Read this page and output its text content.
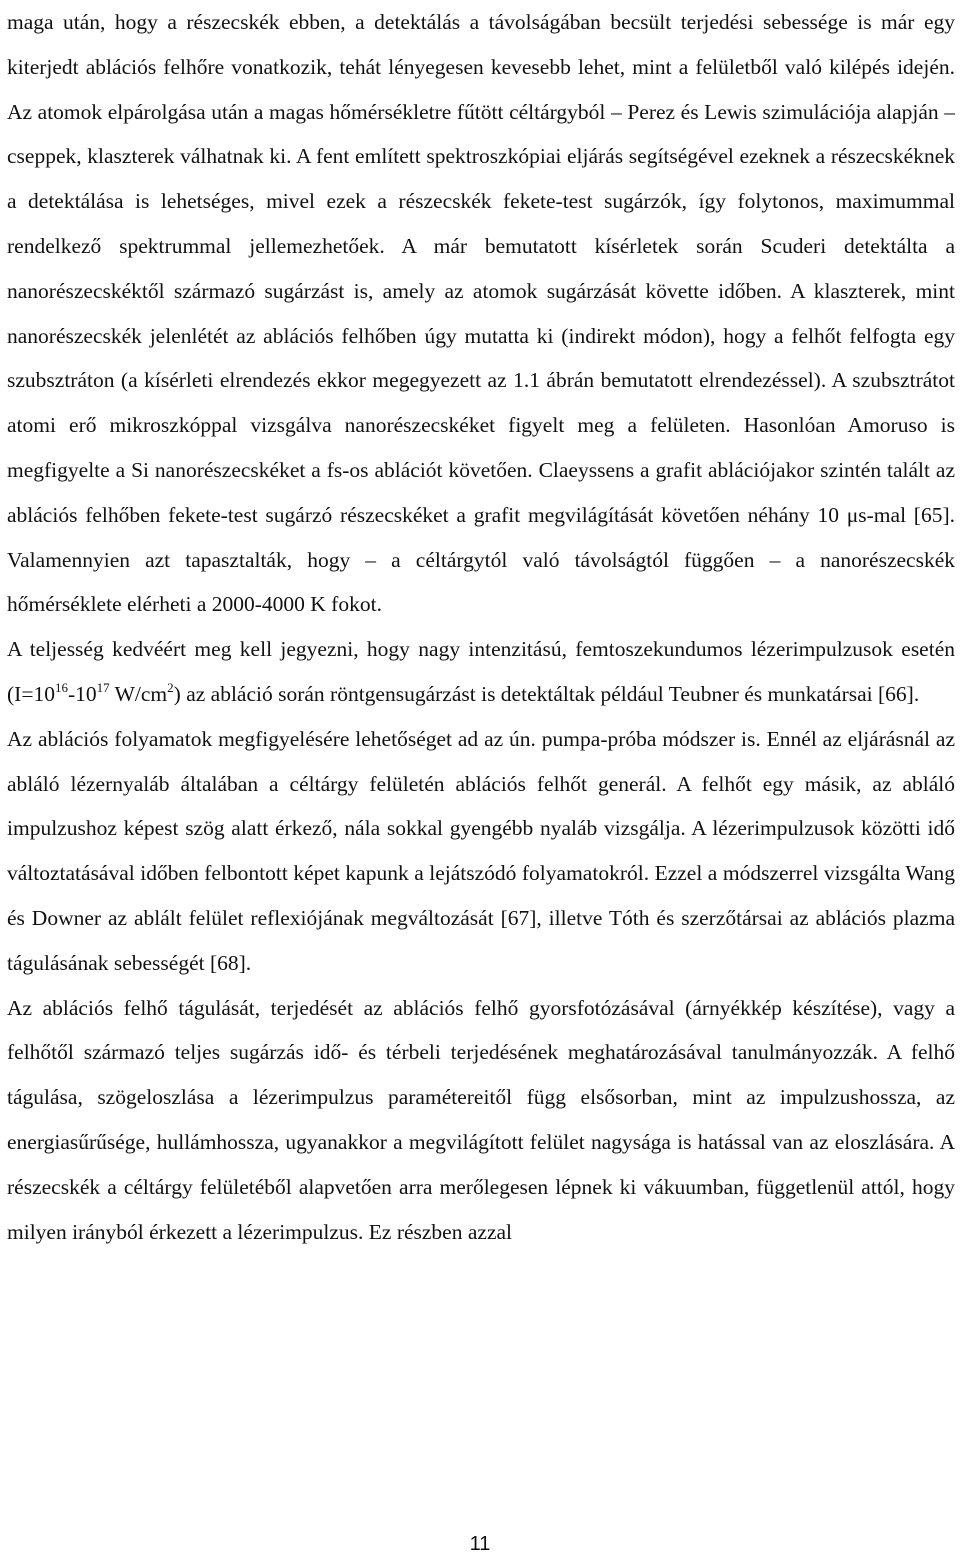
maga után, hogy a részecskék ebben, a detektálás a távolságában becsült terjedési sebessége is már egy kiterjedt ablációs felhőre vonatkozik, tehát lényegesen kevesebb lehet, mint a felületből való kilépés idején. Az atomok elpárolgása után a magas hőmérsékletre fűtött céltárgyból ‒ Perez és Lewis szimulációja alapján ‒ cseppek, klaszterek válhatnak ki. A fent említett spektroszkópiai eljárás segítségével ezeknek a részecskéknek a detektálása is lehetséges, mivel ezek a részecskék fekete-test sugárzók, így folytonos, maximummal rendelkező spektrummal jellemezhetőek. A már bemutatott kísérletek során Scuderi detektálta a nanorészecskéktől származó sugárzást is, amely az atomok sugárzását követte időben. A klaszterek, mint nanorészecskék jelenlétét az ablációs felhőben úgy mutatta ki (indirekt módon), hogy a felhőt felfogta egy szubsztráton (a kísérleti elrendezés ekkor megegyezett az 1.1 ábrán bemutatott elrendezéssel). A szubsztrátot atomi erő mikroszkóppal vizsgálva nanorészecskéket figyelt meg a felületen. Hasonlóan Amoruso is megfigyelte a Si nanorészecskéket a fs-os ablációt követően. Claeyssens a grafit ablációjakor szintén talált az ablációs felhőben fekete-test sugárzó részecskéket a grafit megvilágítását követően néhány 10 μs-mal [65]. Valamennyien azt tapasztalták, hogy ‒ a céltárgytól való távolságtól függően ‒ a nanorészecskék hőmérséklete elérheti a 2000-4000 K fokot.

A teljesség kedvéért meg kell jegyezni, hogy nagy intenzitású, femtoszekundumos lézerimpulzusok esetén ($I=10^{16}-10^{17}$ $W/cm^2$) az abláció során röntgensugárzást is detektáltak például Teubner és munkatársai [66].

Az ablációs folyamatok megfigyelésére lehetőséget ad az ún. pumpa-próba módszer is. Ennél az eljárásnál az abláló lézernyaláb általában a céltárgy felületén ablációs felhőt generál. A felhőt egy másik, az abláló impulzushoz képest szög alatt érkező, nála sokkal gyengébb nyaláb vizsgálja. A lézerimpulzusok közötti idő változtatásával időben felbontott képet kapunk a lejátszódó folyamatokról. Ezzel a módszerrel vizsgálta Wang és Downer az ablált felület reflexiójának megváltozását [67], illetve Tóth és szerzőtársai az ablációs plazma tágulásának sebességét [68].

Az ablációs felhő tágulását, terjedését az ablációs felhő gyorsfotózásával (árnyékkép készítése), vagy a felhőtől származó teljes sugárzás idő- és térbeli terjedésének meghatározásával tanulmányozzák. A felhő tágulása, szögeloszlása a lézerimpulzus paramétereitől függ elsősorban, mint az impulzushossza, az energiasűrűsége, hullámhossza, ugyanakkor a megvilágított felület nagysága is hatással van az eloszlására. A részecskék a céltárgy felületéből alapvetően arra merőlegesen lépnek ki vákuumban, függetlenül attól, hogy milyen irányból érkezett a lézerimpulzus. Ez részben azzal

11
